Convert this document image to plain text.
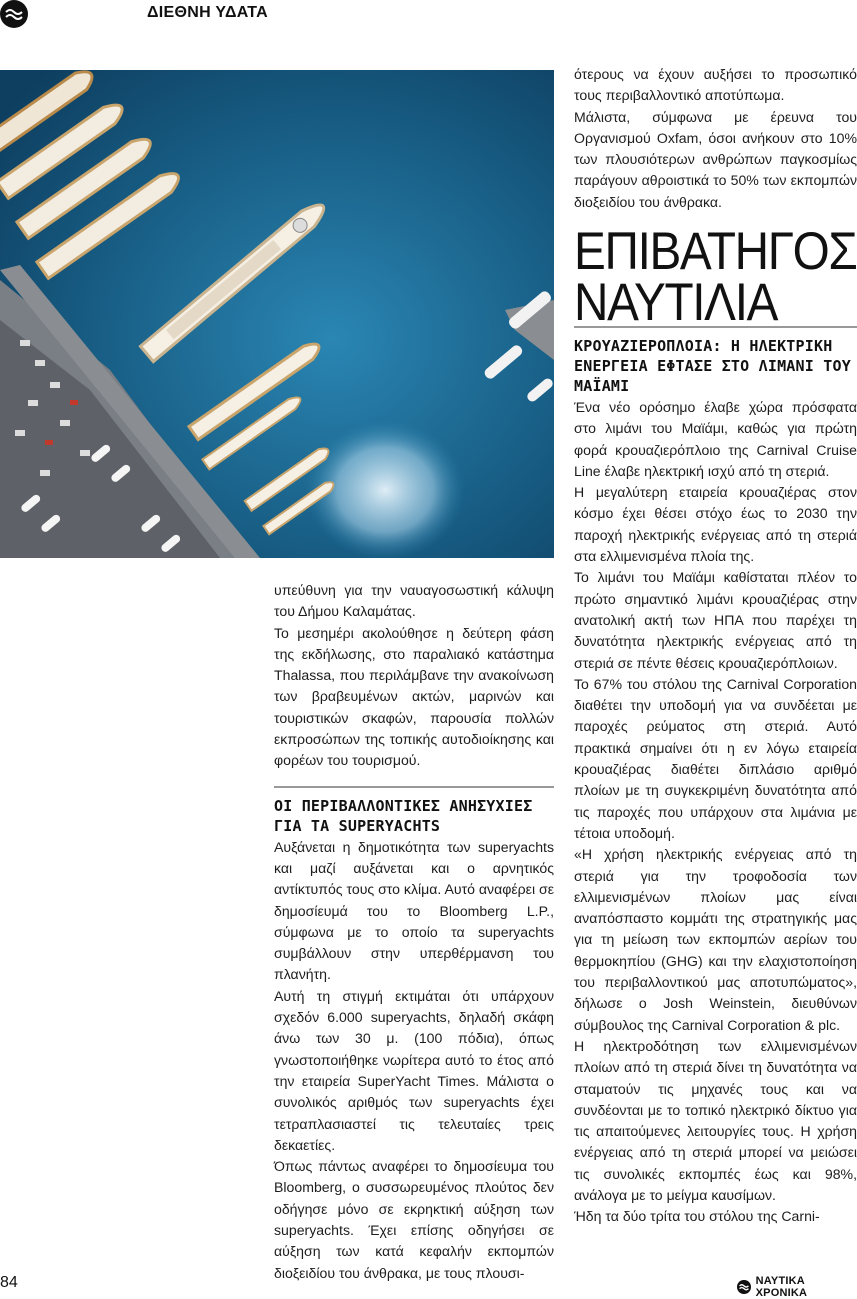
ΔΙΕΘΝΗ ΥΔΑΤΑ

υπεύθυνη για την ναυαγοσωστική κάλυψη του Δήμου Καλαμάτας.

Το μεσημέρι ακολούθησε η δεύτερη φάση της εκδήλωσης, στο παραλιακό κατάστημα Thalassa, που περιλάμβανε την ανακοίνωση των βραβευμένων ακτών, μαρινών και τουριστικών σκαφών, παρουσία πολλών εκπροσώπων της τοπικής αυτοδιοίκησης και φορέων του τουρισμού.

ΟΙ ΠΕΡΙΒΑΛΛΟΝΤΙΚΕΣ ΑΝΗΣΥΧΙΕΣ ΓΙΑ ΤΑ SUPERYACHTS

Αυξάνεται η δημοτικότητα των superyachts και μαζί αυξάνεται και ο αρνητικός αντίκτυπός τους στο κλίμα. Αυτό αναφέρει σε δημοσίευμά του το Bloomberg L.P., σύμφωνα με το οποίο τα superyachts συμβάλλουν στην υπερθέρμανση του πλανήτη.

Αυτή τη στιγμή εκτιμάται ότι υπάρχουν σχεδόν 6.000 superyachts, δηλαδή σκάφη άνω των 30 μ. (100 πόδια), όπως γνωστοποιήθηκε νωρίτερα αυτό το έτος από την εταιρεία SuperYacht Times. Μάλιστα ο συνολικός αριθμός των superyachts έχει τετραπλασιαστεί τις τελευταίες τρεις δεκαετίες.

Όπως πάντως αναφέρει το δημοσίευμα του Bloomberg, ο συσσωρευμένος πλούτος δεν οδήγησε μόνο σε εκρηκτική αύξηση των superyachts. Έχει επίσης οδηγήσει σε αύξηση των κατά κεφαλήν εκπομπών διοξειδίου του άνθρακα, με τους πλουσι-

ότερους να έχουν αυξήσει το προσωπικό τους περιβαλλοντικό αποτύπωμα.

Μάλιστα, σύμφωνα με έρευνα του Οργανισμού Oxfam, όσοι ανήκουν στο 10% των πλουσιότερων ανθρώπων παγκοσμίως παράγουν αθροιστικά το 50% των εκπομπών διοξειδίου του άνθρακα.

ΕΠΙΒΑΤΗΓΟΣ
ΝΑΥΤΙΛΙΑ
ΚΡΟΥΑΖΙΕΡΟΠΛΟΙΑ: Η ΗΛΕΚΤΡΙΚΗ ΕΝΕΡΓΕΙΑ ΕΦΤΑΣΕ ΣΤΟ ΛΙΜΑΝΙ ΤΟΥ ΜΑΪΑΜΙ

Ένα νέο ορόσημο έλαβε χώρα πρόσφατα στο λιμάνι του Μαϊάμι, καθώς για πρώτη φορά κρουαζιερόπλοιο της Carnival Cruise Line έλαβε ηλεκτρική ισχύ από τη στεριά.

Η μεγαλύτερη εταιρεία κρουαζιέρας στον κόσμο έχει θέσει στόχο έως το 2030 την παροχή ηλεκτρικής ενέργειας από τη στεριά στα ελλιμενισμένα πλοία της.

Το λιμάνι του Μαϊάμι καθίσταται πλέον το πρώτο σημαντικό λιμάνι κρουαζιέρας στην ανατολική ακτή των ΗΠΑ που παρέχει τη δυνατότητα ηλεκτρικής ενέργειας από τη στεριά σε πέντε θέσεις κρουαζιερόπλοιων.

Το 67% του στόλου της Carnival Corporation διαθέτει την υποδομή για να συνδέεται με παροχές ρεύματος στη στεριά. Αυτό πρακτικά σημαίνει ότι η εν λόγω εταιρεία κρουαζιέρας διαθέτει διπλάσιο αριθμό πλοίων με τη συγκεκριμένη δυνατότητα από τις παροχές που υπάρχουν στα λιμάνια με τέτοια υποδομή.

«Η χρήση ηλεκτρικής ενέργειας από τη στεριά για την τροφοδοσία των ελλιμενισμένων πλοίων μας είναι αναπόσπαστο κομμάτι της στρατηγικής μας για τη μείωση των εκπομπών αερίων του θερμοκηπίου (GHG) και την ελαχιστοποίηση του περιβαλλοντικού μας αποτυπώματος», δήλωσε ο Josh Weinstein, διευθύνων σύμβουλος της Carnival Corporation & plc.

Η ηλεκτροδότηση των ελλιμενισμένων πλοίων από τη στεριά δίνει τη δυνατότητα να σταματούν τις μηχανές τους και να συνδέονται με το τοπικό ηλεκτρικό δίκτυο για τις απαιτούμενες λειτουργίες τους. Η χρήση ενέργειας από τη στεριά μπορεί να μειώσει τις συνολικές εκπομπές έως και 98%, ανάλογα με το μείγμα καυσίμων.

Ήδη τα δύο τρίτα του στόλου της Carni-

84	ΝΑΥΤΙΚΑ ΧΡΟΝΙΚΑ
